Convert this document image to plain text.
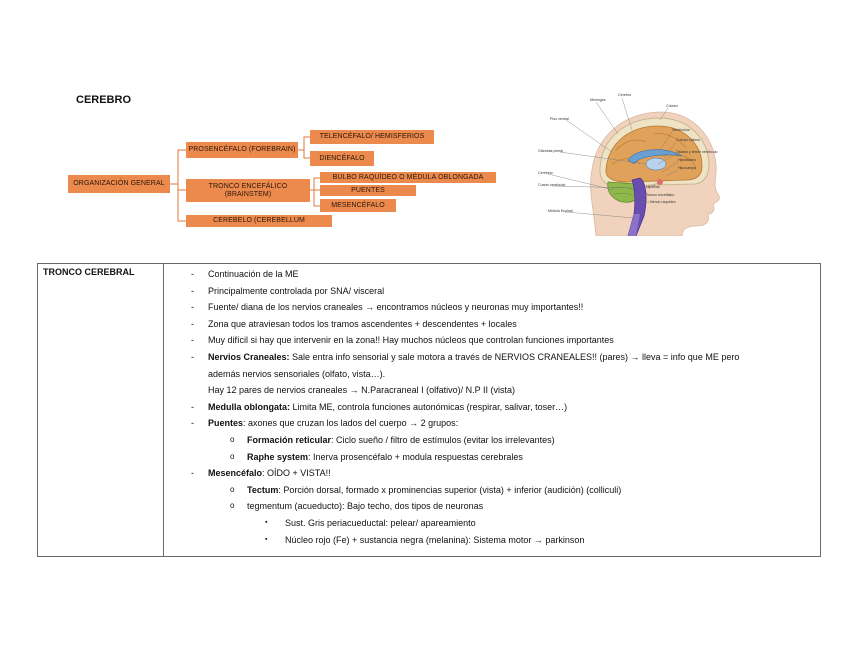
CEREBRO
ORGANIZACIÓN GENERAL
PROSENCÉFALO (FOREBRAIN)
TRONCO ENCEFÁLICO (BRAINSTEM)
CEREBELO (CEREBELLUM
TELENCÉFALO/ HEMISFERIOS
DIENCÉFALO
BULBO RAQUÍDEO O MÉDULA OBLONGADA
PUENTES
MESENCÉFALO
Cerebro
Meninges
Cráneo
Piso ventral
Ventrículos
Cuerpo calloso
Glándula pineal	Tálamo y tercer ventrículo
Hipotálamo
Cerebelo
Hipocampo
Cuarto ventrículo	Hipófisis
Tronco encefálico
Médula Espinal
Nervio raquídeo
TRONCO CEREBRAL	- Continuación de la ME
- Principalmente controlada por SNA/ visceral
- Fuente/ diana de los nervios craneales → encontramos núcleos y neuronas muy importantes!!
- Zona que atraviesan todos los tramos ascendentes + descendentes + locales
- Muy difícil si hay que intervenir en la zona!! Hay muchos núcleos que controlan funciones importantes
- Nervios Craneales: Sale entra info sensorial y sale motora a través de NERVIOS CRANEALES!! (pares) → lleva = info que ME pero
además nervios sensoriales (olfato, vista…).
Hay 12 pares de nervios craneales → N.Paracraneal I (olfativo)/ N.P II (vista)
- Medulla oblongata: Limita ME, controla funciones autonómicas (respirar, salivar, toser…)
- Puentes: axones que cruzan los lados del cuerpo → 2 grupos:
o Formación reticular: Ciclo sueño / filtro de estímulos (evitar los irrelevantes)
o Raphe system: Inerva prosencéfalo + modula respuestas cerebrales
- Mesencéfalo: OÍDO + VISTA!!
o Tectum: Porción dorsal, formado x prominencias superior (vista) + inferior (audición) (colliculi)
o tegmentum (acueducto): Bajo techo, dos tipos de neuronas
▪ Sust. Gris periacueductal: pelear/ apareamiento
▪ Núcleo rojo (Fe) + sustancia negra (melanina): Sistema motor → parkinson
